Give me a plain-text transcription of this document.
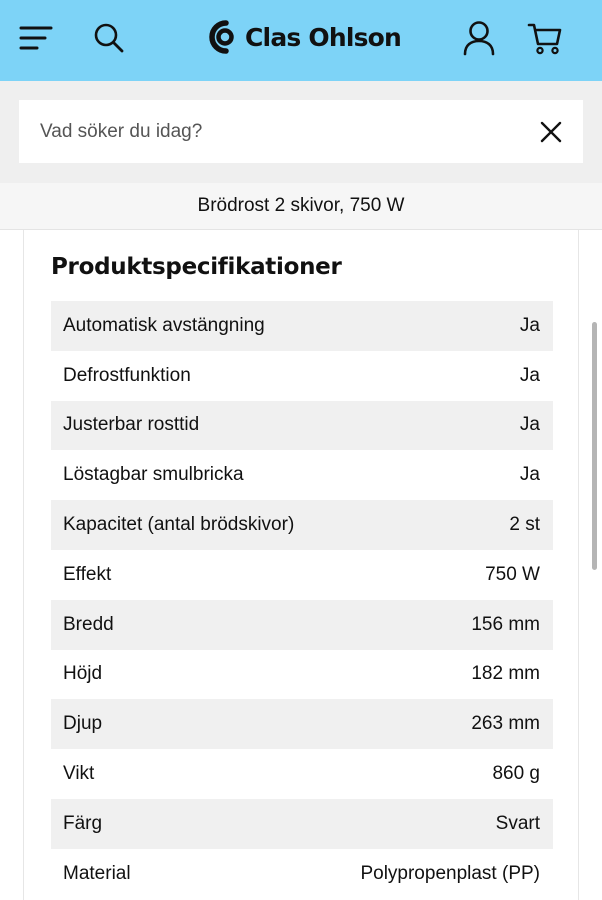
Clas Ohlson
Vad söker du idag?
Brödrost 2 skivor, 750 W
Produktspecifikationer
Automatisk avstängning	Ja
Defrostfunktion	Ja
Justerbar rosttid	Ja
Löstagbar smulbricka	Ja
Kapacitet (antal brödskivor)	2 st
Effekt	750 W
Bredd	156 mm
Höjd	182 mm
Djup	263 mm
Vikt	860 g
Färg	Svart
Material	Polypropenplast (PP)
